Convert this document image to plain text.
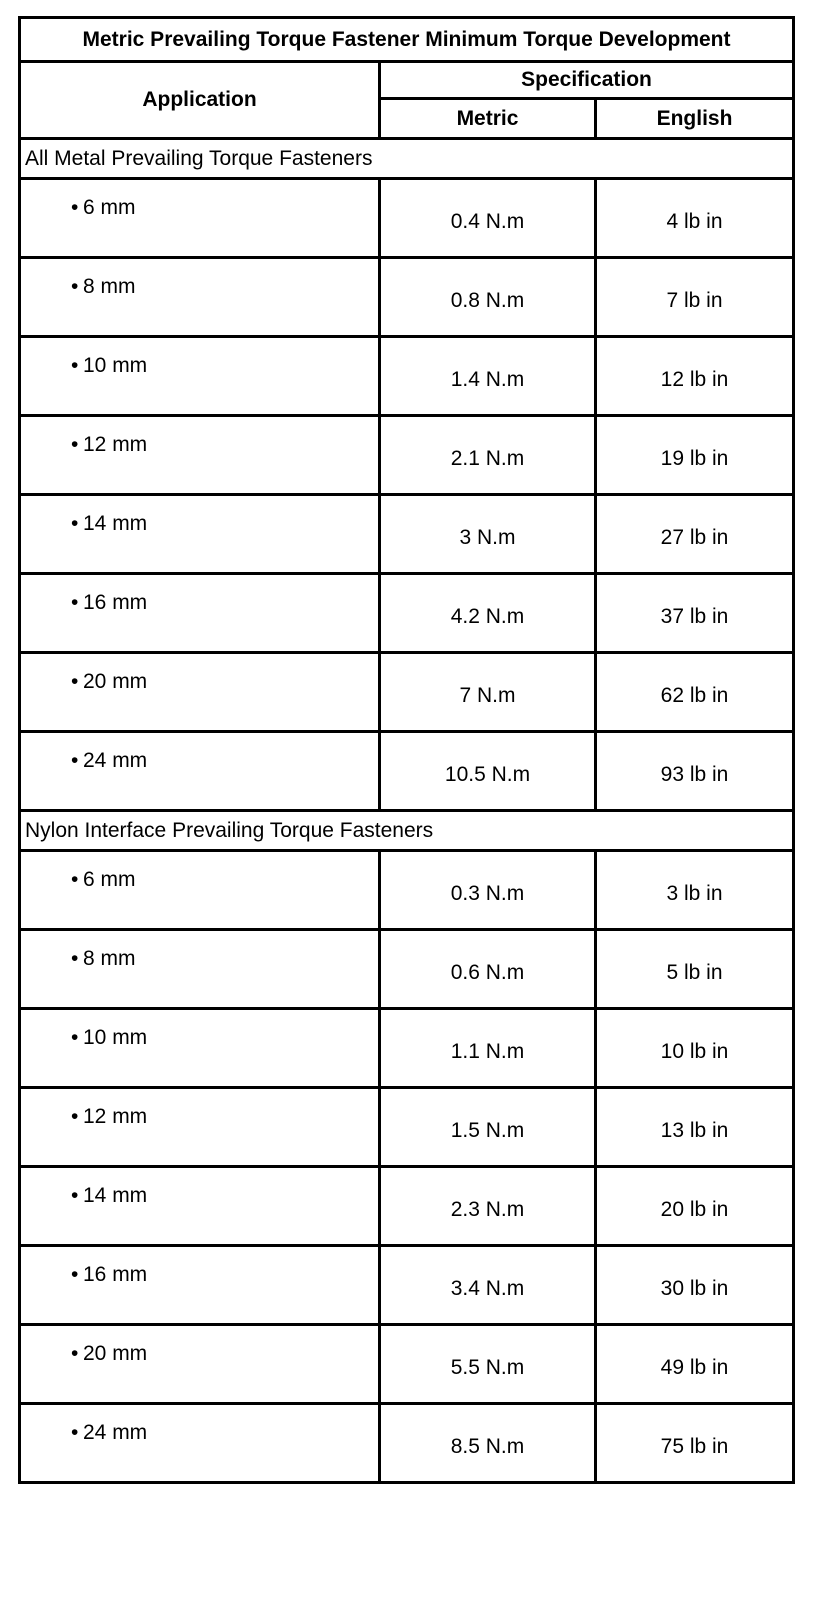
Metric Prevailing Torque Fastener Minimum Torque Development		
Application	Specification	
	Metric	English
All Metal Prevailing Torque Fasteners		

• 6 mm	0.4 N.m	4 lb in

• 8 mm	0.8 N.m	7 lb in

• 10 mm	1.4 N.m	12 lb in

• 12 mm	2.1 N.m	19 lb in

• 14 mm	3 N.m	27 lb in

• 16 mm	4.2 N.m	37 lb in

• 20 mm	7 N.m	62 lb in

• 24 mm	10.5 N.m	93 lb in
Nylon Interface Prevailing Torque Fasteners		

• 6 mm	0.3 N.m	3 lb in

• 8 mm	0.6 N.m	5 lb in

• 10 mm	1.1 N.m	10 lb in

• 12 mm	1.5 N.m	13 lb in

• 14 mm	2.3 N.m	20 lb in

• 16 mm	3.4 N.m	30 lb in

• 20 mm	5.5 N.m	49 lb in

• 24 mm	8.5 N.m	75 lb in
